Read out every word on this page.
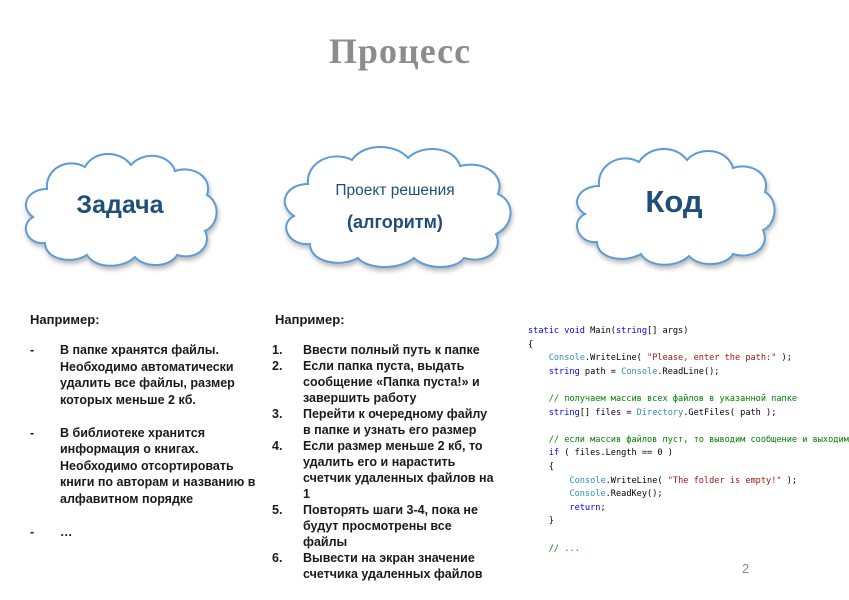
Процесс
Задача
Проект решения
(алгоритм)
Код
Например:
- В папке хранятся файлы. Необходимо автоматически удалить все файлы, размер которых меньше 2 кб.
- В библиотеке хранится информация о книгах. Необходимо отсортировать книги по авторам и названию в алфавитном порядке
- …
Например:
1. Ввести полный путь к папке
2. Если папка пуста, выдать сообщение «Папка пуста!» и завершить работу
3. Перейти к очередному файлу в папке и узнать его размер
4. Если размер меньше 2 кб, то удалить его и нарастить счетчик удаленных файлов на 1
5. Повторять шаги 3-4, пока не будут просмотрены все файлы
6. Вывести на экран значение счетчика удаленных файлов
static void Main(string[] args)
{
Console.WriteLine( "Please, enter the path:" );
string path = Console.ReadLine();

// получаем массив всех файлов в указанной папке
string[] files = Directory.GetFiles( path );

// если массив файлов пуст, то выводим сообщение и выходим
if ( files.Length == 0 )
{
Console.WriteLine( "The folder is empty!" );
Console.ReadKey();
return;
}

// ...
2
